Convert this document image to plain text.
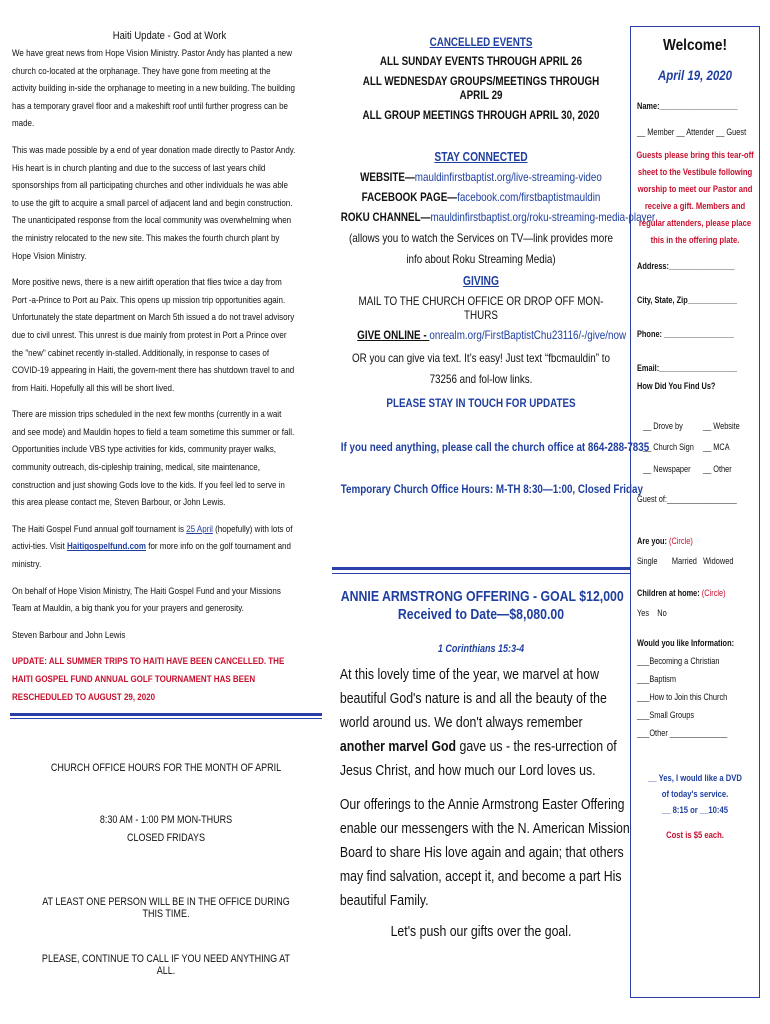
Haiti Update - God at Work

We have great news from Hope Vision Ministry. Pastor Andy has planted a new church co-located at the orphanage. They have gone from meeting at the activity building in-side the orphanage to meeting in a new building. The building has a temporary gravel floor and a makeshift roof until further progress can be made.

This was made possible by a end of year donation made directly to Pastor Andy. His heart is in church planting and due to the success of last years child sponsorships from all participating churches and other individuals he was able to use the gift to acquire a small parcel of adjacent land and begin construction. The unanticipated response from the local community was overwhelming when the ministry relocated to the new site. This makes the fourth church plant by Hope Vision Ministry.

More positive news, there is a new airlift operation that flies twice a day from Port -a-Prince to Port au Paix. This opens up mission trip opportunities again. Unfortunately the state department on March 5th issued a do not travel advisory due to civil unrest. This unrest is due mainly from protest in Port a Prince over the "new" cabinet recently in-stalled. Additionally, in response to cases of COVID-19 appearing in Haiti, the govern-ment there has shutdown travel to and from Haiti. Hopefully all this will be short lived.

There are mission trips scheduled in the next few months (currently in a wait and see mode) and Mauldin hopes to field a team sometime this summer or fall. Opportunities include VBS type activities for kids, community prayer walks, community outreach, dis-cipleship training, medical, site maintenance, construction and just showing Gods love to the kids. If you feel led to serve in this area please contact me, Steven Barbour, or John Lewis.

The Haiti Gospel Fund annual golf tournament is 25 April (hopefully) with lots of activi-ties. Visit Haitigospelfund.com for more info on the golf tournament and ministry.

On behalf of Hope Vision Ministry, The Haiti Gospel Fund and your Missions Team at Mauldin, a big thank you for your prayers and generosity.

Steven Barbour and John Lewis

UPDATE: ALL SUMMER TRIPS TO HAITI HAVE BEEN CANCELLED. THE HAITI GOSPEL FUND ANNUAL GOLF TOURNAMENT HAS BEEN RESCHEDULED TO AUGUST 29, 2020

CHURCH OFFICE HOURS FOR THE MONTH OF APRIL
8:30 AM - 1:00 PM MON-THURS
CLOSED FRIDAYS
AT LEAST ONE PERSON WILL BE IN THE OFFICE DURING THIS TIME.
PLEASE, CONTINUE TO CALL IF YOU NEED ANYTHING AT ALL.
CANCELLED EVENTS
ALL SUNDAY EVENTS THROUGH APRIL 26
ALL WEDNESDAY GROUPS/MEETINGS THROUGH APRIL 29
ALL GROUP MEETINGS THROUGH APRIL 30, 2020
STAY CONNECTED
WEBSITE—mauldinfirstbaptist.org/live-streaming-video
FACEBOOK PAGE—facebook.com/firstbaptistmauldin
ROKU CHANNEL—mauldinfirstbaptist.org/roku-streaming-media-player
(allows you to watch the Services on TV—link provides more info about Roku Streaming Media)
GIVING
MAIL TO THE CHURCH OFFICE OR DROP OFF MON-THURS
GIVE ONLINE - onrealm.org/FirstBaptistChu23116/-/give/now
OR you can give via text. It’s easy! Just text “fbcmauldin” to 73256 and fol-low links.
PLEASE STAY IN TOUCH FOR UPDATES
If you need anything, please call the church office at 864-288-7835
Temporary Church Office Hours: M-TH 8:30—1:00, Closed Friday
ANNIE ARMSTRONG OFFERING - GOAL $12,000
Received to Date—$8,080.00
1 Corinthians 15:3-4

At this lovely time of the year, we marvel at how beautiful God's nature is and all the beauty of the world around us. We don't always remember another marvel God gave us - the res-urrection of Jesus Christ, and how much our Lord loves us.

Our offerings to the Annie Armstrong Easter Offering enable our messengers with the N. American Mission Board to share His love again and again; that others may find salvation, accept it, and become a part His beautiful Family.

Let's push our gifts over the goal.

Welcome!
April 19, 2020
Name:___________________
__ Member __ Attender __ Guest
Guests please bring this tear-off sheet to the Vestibule following worship to meet our Pastor and receive a gift. Members and regular attenders, please place this in the offering plate.
Address:________________
City, State, Zip____________
Phone: _________________
Email:___________________
How Did You Find Us?
__ Drove by __ Website
__ Church Sign __ MCA
__ Newspaper __ Other
Guest of:_________________
Are you: (Circle)
Single Married Widowed
Children at home: (Circle)
Yes    No
Would you like Information:
___Becoming a Christian
___Baptism
___How to Join this Church
___Small Groups
___Other ______________
__ Yes, I would like a DVD
of today's service.
__ 8:15 or __10:45
Cost is $5 each.
